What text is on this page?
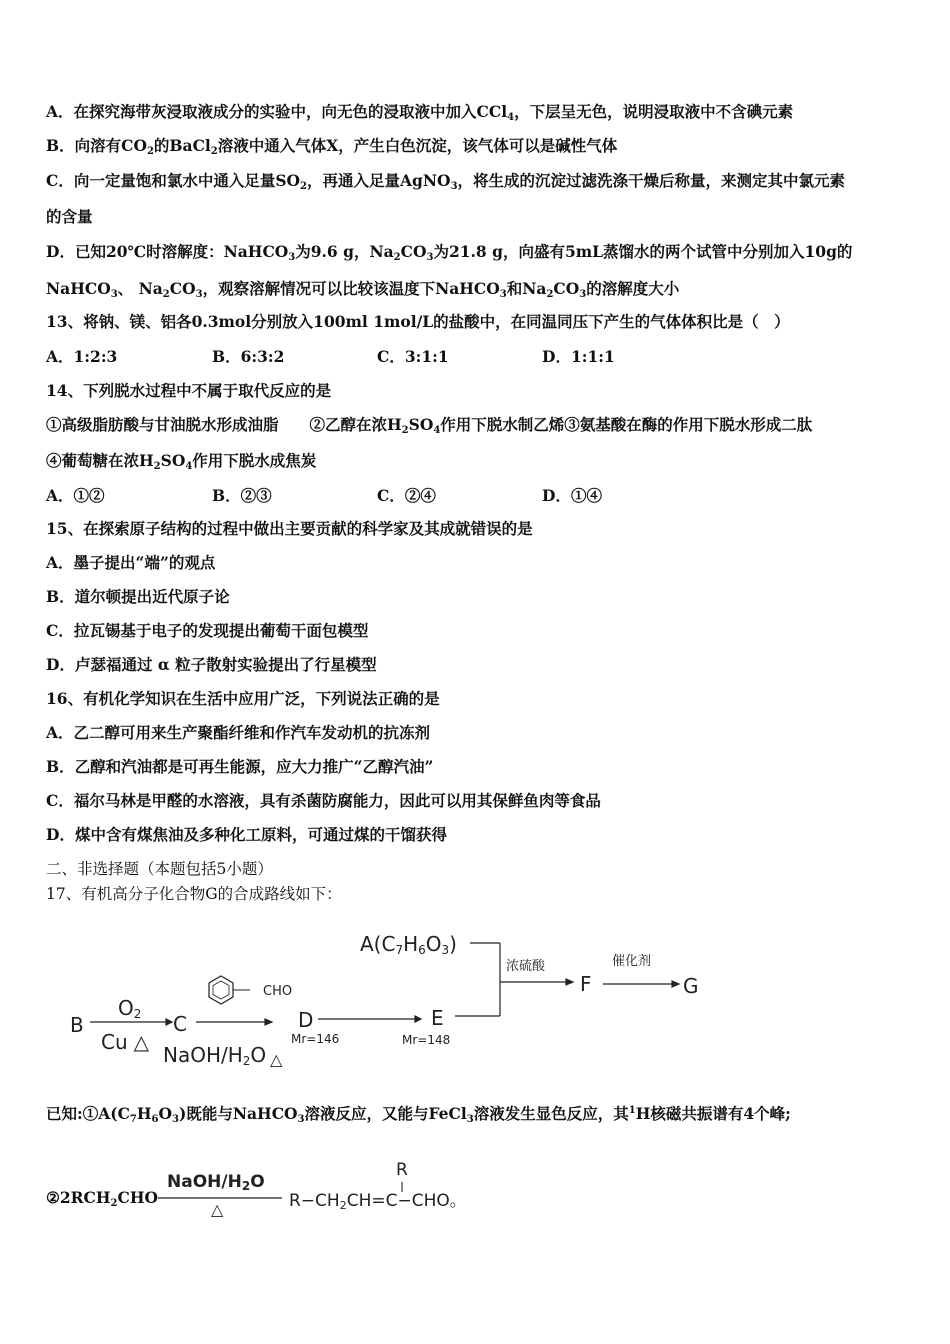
A．在探究海带灰浸取液成分的实验中，向无色的浸取液中加入CCl$_4$，下层呈无色，说明浸取液中不含碘元素
B．向溶有$CO_2$的BaCl$_2$溶液中通入气体X，产生白色沉淀，该气体可以是碱性气体
C．向一定量饱和氯水中通入足量$SO_2$，再通入足量AgNO$_3$，将生成的沉淀过滤洗涤干燥后称量，来测定其中氯元素
的含量
D．已知20℃时溶解度：NaHCO$_3$为9.6 g，$Na_2CO_3$为21.8 g，向盛有5mL蒸馏水的两个试管中分别加入10g的
NaHCO$_3$、 $Na_2CO_3$，观察溶解情况可以比较该温度下NaHCO$_3$和$Na_2CO_3$的溶解度大小
13、将钠、镁、铝各0.3mol分别放入100ml 1mol/L的盐酸中，在同温同压下产生的气体体积比是（　）
A．1:2:3	B．6:3:2	C．3:1:1	D．1:1:1
14、下列脱水过程中不属于取代反应的是
①高级脂肪酸与甘油脱水形成油脂　　②乙醇在浓$H_2SO_4$作用下脱水制乙烯③氨基酸在酶的作用下脱水形成二肽
④葡萄糖在浓$H_2SO_4$作用下脱水成焦炭
A．①②	B．②③	C．②④	D．①④
15、在探索原子结构的过程中做出主要贡献的科学家及其成就错误的是
A．墨子提出“端”的观点
B．道尔顿提出近代原子论
C．拉瓦锡基于电子的发现提出葡萄干面包模型
D．卢瑟福通过 α 粒子散射实验提出了行星模型
16、有机化学知识在生活中应用广泛，下列说法正确的是
A．乙二醇可用来生产聚酯纤维和作汽车发动机的抗冻剂
B．乙醇和汽油都是可再生能源，应大力推广“乙醇汽油”
C．福尔马林是甲醛的水溶液，具有杀菌防腐能力，因此可以用其保鲜鱼肉等食品
D．煤中含有煤焦油及多种化工原料，可通过煤的干馏获得
二、非选择题（本题包括5小题）
17、有机高分子化合物G的合成路线如下：
$A(C_7H_6O_3)$
浓硫酸	催化剂
F	G
$O_2$
CHO
B	C	D	E
Cu △	Mr=146	Mr=148
NaOH/$H_2O$ △
已知$:①A(C_7H_6O_3)$既能与NaHCO$_3$溶液反应，又能与FeCl$_3$溶液发生显色反应，其$^1$H核磁共振谱有4个峰;
$②2RCH_2CHO$
NaOH/$H_2O$
△
R
$R-CH_2CH=C-CHO$。
